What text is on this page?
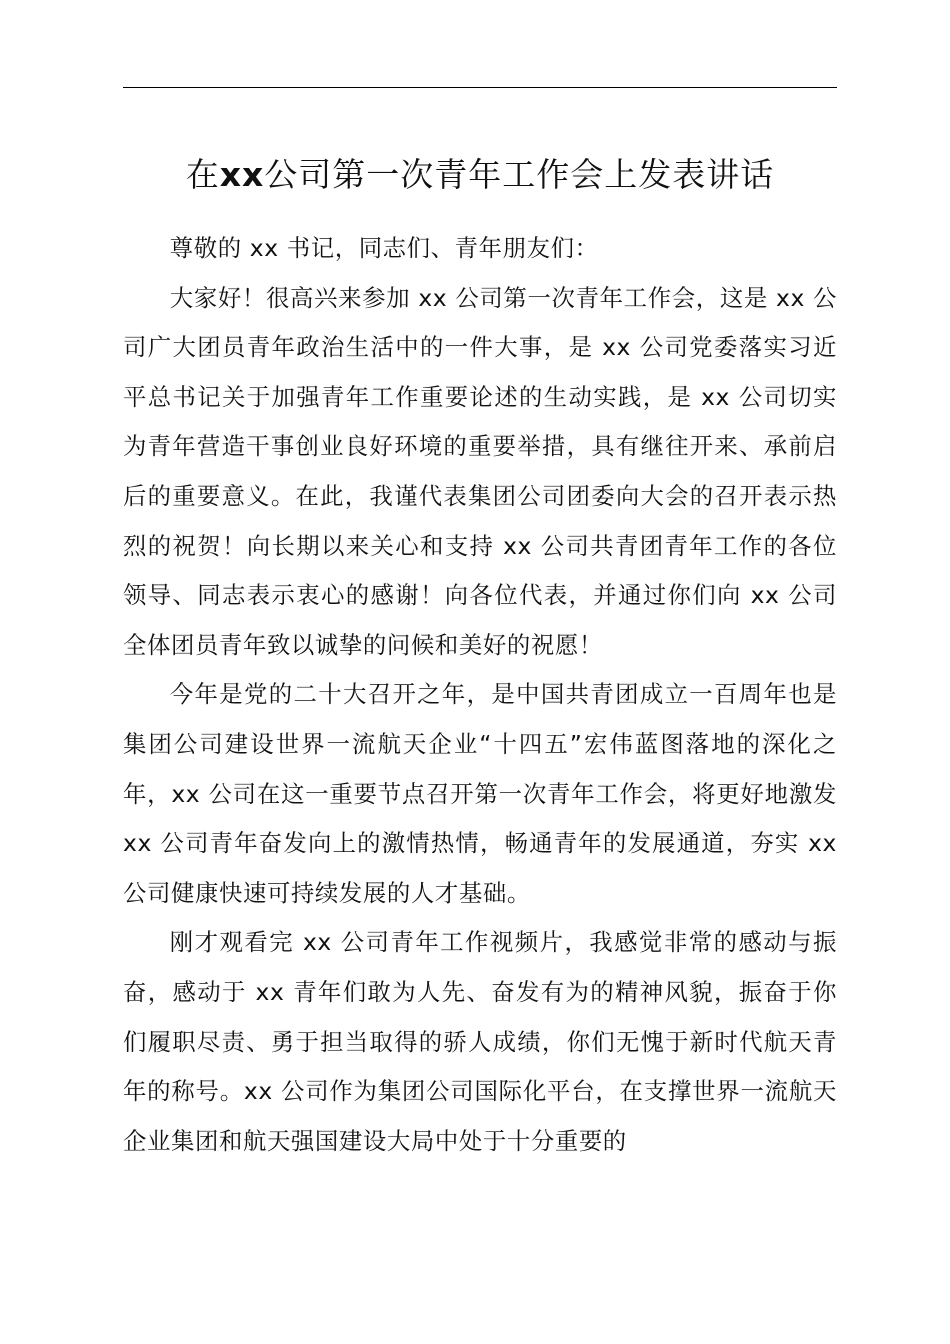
在xx公司第一次青年工作会上发表讲话

尊敬的 xx 书记，同志们、青年朋友们：

大家好！很高兴来参加 xx 公司第一次青年工作会，这是 xx 公司广大团员青年政治生活中的一件大事，是 xx 公司党委落实习近平总书记关于加强青年工作重要论述的生动实践，是 xx 公司切实为青年营造干事创业良好环境的重要举措，具有继往开来、承前启后的重要意义。在此，我谨代表集团公司团委向大会的召开表示热烈的祝贺！向长期以来关心和支持 xx 公司共青团青年工作的各位领导、同志表示衷心的感谢！向各位代表，并通过你们向 xx 公司全体团员青年致以诚挚的问候和美好的祝愿！

今年是党的二十大召开之年，是中国共青团成立一百周年也是集团公司建设世界一流航天企业“十四五”宏伟蓝图落地的深化之年，xx 公司在这一重要节点召开第一次青年工作会，将更好地激发 xx 公司青年奋发向上的激情热情，畅通青年的发展通道，夯实 xx 公司健康快速可持续发展的人才基础。

刚才观看完 xx 公司青年工作视频片，我感觉非常的感动与振奋，感动于 xx 青年们敢为人先、奋发有为的精神风貌，振奋于你们履职尽责、勇于担当取得的骄人成绩，你们无愧于新时代航天青年的称号。xx 公司作为集团公司国际化平台，在支撑世界一流航天企业集团和航天强国建设大局中处于十分重要的
